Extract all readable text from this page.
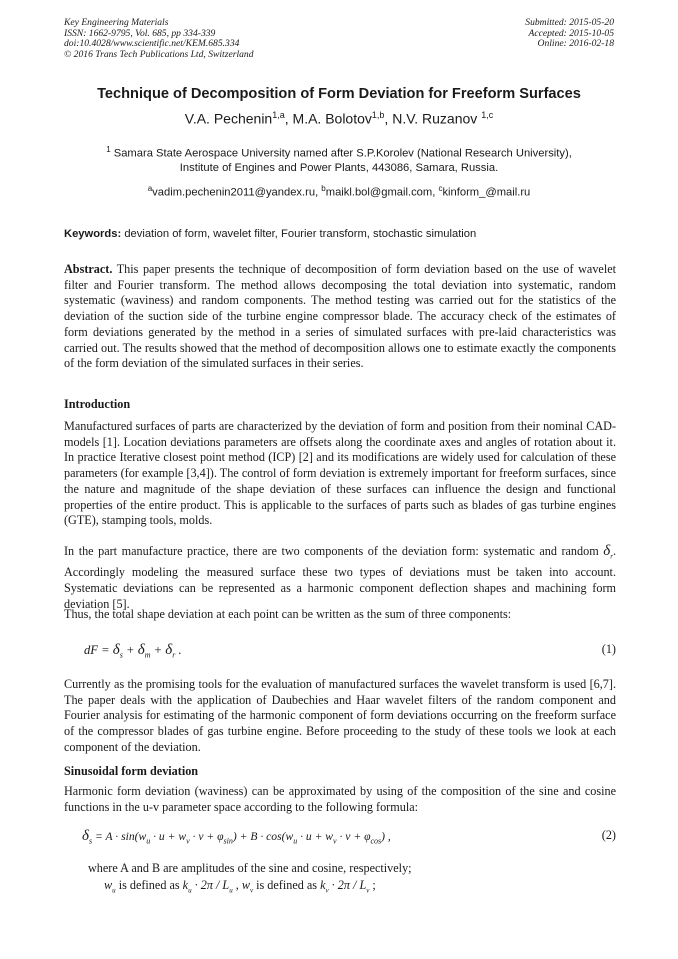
Key Engineering Materials
ISSN: 1662-9795, Vol. 685, pp 334-339
doi:10.4028/www.scientific.net/KEM.685.334
© 2016 Trans Tech Publications Ltd, Switzerland
Submitted: 2015-05-20
Accepted: 2015-10-05
Online: 2016-02-18
Technique of Decomposition of Form Deviation for Freeform Surfaces
V.A. Pechenin$^{1,a}$, M.A. Bolotov$^{1,b}$, N.V. Ruzanov $^{1,c}$
$^1$ Samara State Aerospace University named after S.P.Korolev (National Research University),
Institute of Engines and Power Plants, 443086, Samara, Russia.
$^a$vadim.pechenin2011@yandex.ru, $^b$maikl.bol@gmail.com, $^c$kinform_@mail.ru
Keywords: deviation of form, wavelet filter, Fourier transform, stochastic simulation
Abstract. This paper presents the technique of decomposition of form deviation based on the use of wavelet filter and Fourier transform. The method allows decomposing the total deviation into systematic, random systematic (waviness) and random components. The method testing was carried out for the statistics of the deviation of the suction side of the turbine engine compressor blade. The accuracy check of the estimates of form deviations generated by the method in a series of simulated surfaces with pre-laid characteristics was carried out. The results showed that the method of decomposition allows one to estimate exactly the components of the form deviation of the simulated surfaces in their series.
Introduction
Manufactured surfaces of parts are characterized by the deviation of form and position from their nominal CAD-models [1]. Location deviations parameters are offsets along the coordinate axes and angles of rotation about it. In practice Iterative closest point method (ICP) [2] and its modifications are widely used for calculation of these parameters (for example [3,4]). The control of form deviation is extremely important for freeform surfaces, since the nature and magnitude of the shape deviation of these surfaces can influence the design and functional properties of the entire product. This is applicable to the surfaces of parts such as blades of gas turbine engines (GTE), stamping tools, molds.
In the part manufacture practice, there are two components of the deviation form: systematic and random $\delta_r$. Accordingly modeling the measured surface these two types of deviations must be taken into account. Systematic deviations can be represented as a harmonic component deflection shapes and machining form deviation [5].
Thus, the total shape deviation at each point can be written as the sum of three components:
dF = $\delta_s + \delta_m + \delta_r$ .	(1)
Currently as the promising tools for the evaluation of manufactured surfaces the wavelet transform is used [6,7]. The paper deals with the application of Daubechies and Haar wavelet filters of the random component and Fourier analysis for estimating of the harmonic component of form deviations occurring on the freeform surface of the compressor blades of gas turbine engine. Before proceeding to the study of these tools we look at each component of the deviation.
Sinusoidal form deviation
Harmonic form deviation (waviness) can be approximated by using of the composition of the sine and cosine functions in the u-v parameter space according to the following formula:
$\delta_s = A \cdot \sin(w_u \cdot u + w_v \cdot v + \varphi_{sin}) + B \cdot \cos(w_u \cdot u + w_v \cdot v + \varphi_{cos})$ ,	(2)
where A and B are amplitudes of the sine and cosine, respectively;
$w_u$ is defined as $k_u \cdot 2\pi / L_u$ , $w_v$ is defined as $k_v \cdot 2\pi / L_v$ ;
